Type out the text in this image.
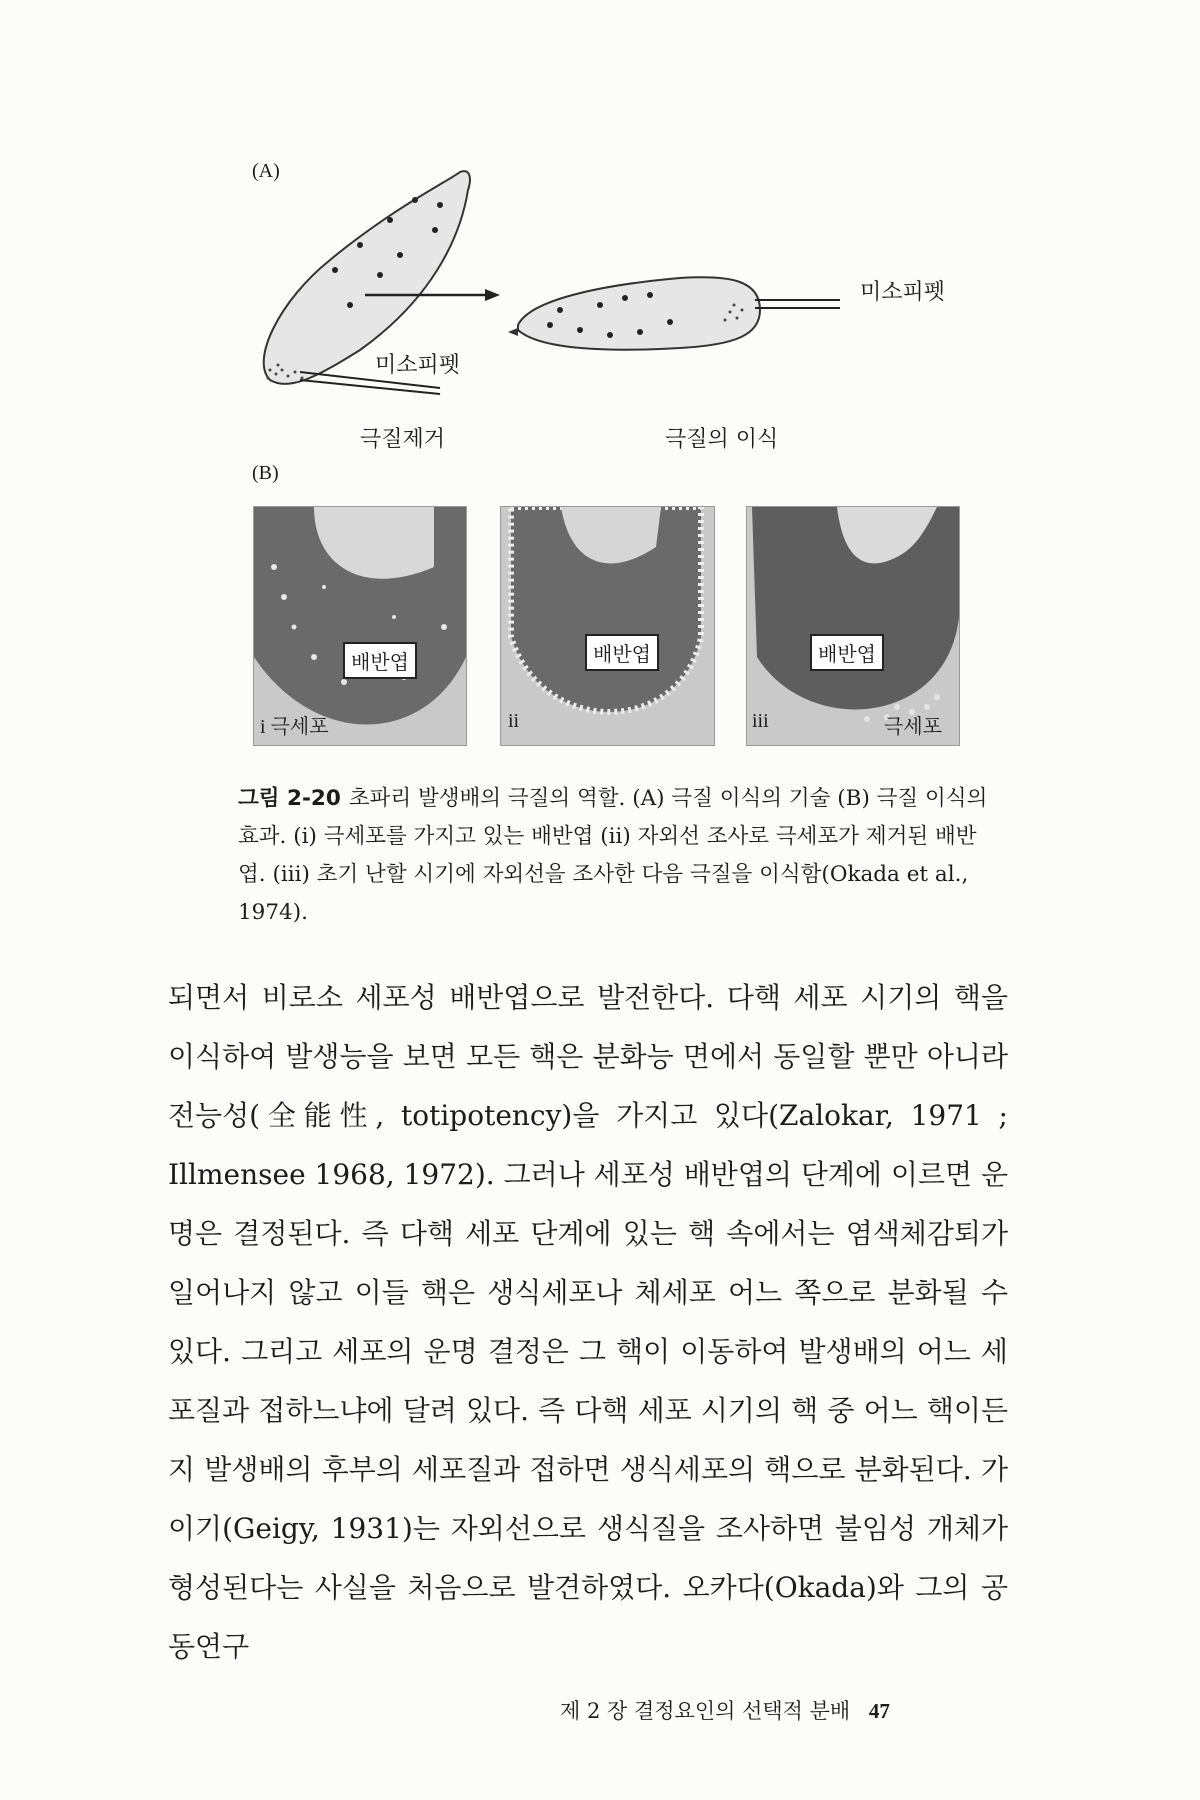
(A)
미소피펫
미소피펫
극질제거	극질의 이식
(B)
배반엽
i 극세포
배반엽
ii
배반엽
iii	극세포
그림 2-20 초파리 발생배의 극질의 역할. (A) 극질 이식의 기술 (B) 극질 이식의 효과. (i) 극세포를 가지고 있는 배반엽 (ii) 자외선 조사로 극세포가 제거된 배반엽. (iii) 초기 난할 시기에 자외선을 조사한 다음 극질을 이식함(Okada et al., 1974).

되면서 비로소 세포성 배반엽으로 발전한다. 다핵 세포 시기의 핵을 이식하여 발생능을 보면 모든 핵은 분화능 면에서 동일할 뿐만 아니라 전능성(全能性, totipotency)을 가지고 있다(Zalokar, 1971 ; Illmensee 1968, 1972). 그러나 세포성 배반엽의 단계에 이르면 운명은 결정된다. 즉 다핵 세포 단계에 있는 핵 속에서는 염색체감퇴가 일어나지 않고 이들 핵은 생식세포나 체세포 어느 쪽으로 분화될 수 있다. 그리고 세포의 운명 결정은 그 핵이 이동하여 발생배의 어느 세포질과 접하느냐에 달려 있다. 즉 다핵 세포 시기의 핵 중 어느 핵이든지 발생배의 후부의 세포질과 접하면 생식세포의 핵으로 분화된다. 가이기(Geigy, 1931)는 자외선으로 생식질을 조사하면 불임성 개체가 형성된다는 사실을 처음으로 발견하였다. 오카다(Okada)와 그의 공동연구

제 2 장 결정요인의 선택적 분배 47
